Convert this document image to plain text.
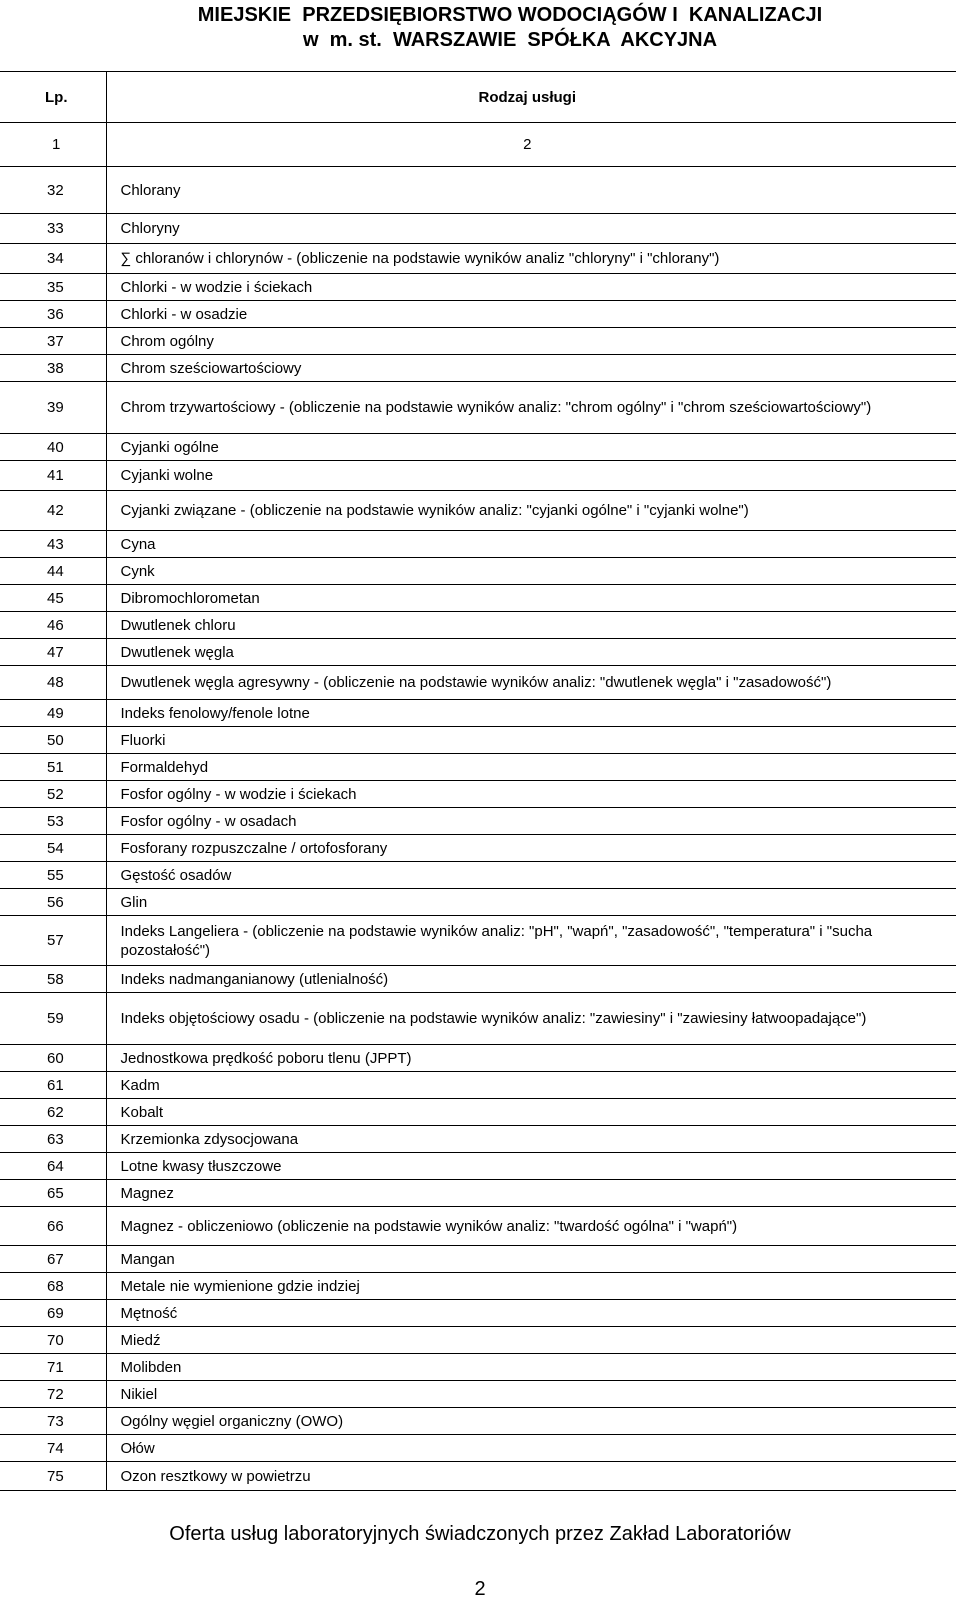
MIEJSKIE  PRZEDSIĘBIORSTWO WODOCIĄGÓW I  KANALIZACJI
w  m. st.  WARSZAWIE  SPÓŁKA  AKCYJNA
Lp.	Rodzaj usługi
1	2
32	Chlorany
33	Chloryny
34	∑ chloranów i chlorynów - (obliczenie na podstawie wyników analiz "chloryny" i "chlorany")
35	Chlorki - w wodzie i ściekach
36	Chlorki - w osadzie
37	Chrom ogólny
38	Chrom sześciowartościowy
39	Chrom trzywartościowy - (obliczenie na podstawie wyników analiz: "chrom ogólny" i "chrom sześciowartościowy")
40	Cyjanki ogólne
41	Cyjanki wolne
42	Cyjanki związane - (obliczenie na podstawie wyników analiz: "cyjanki ogólne" i "cyjanki wolne")
43	Cyna
44	Cynk
45	Dibromochlorometan
46	Dwutlenek chloru
47	Dwutlenek węgla
48	Dwutlenek węgla agresywny - (obliczenie na podstawie wyników analiz: "dwutlenek węgla" i "zasadowość")
49	Indeks fenolowy/fenole lotne
50	Fluorki
51	Formaldehyd
52	Fosfor ogólny - w wodzie i ściekach
53	Fosfor ogólny - w osadach
54	Fosforany rozpuszczalne / ortofosforany
55	Gęstość osadów
56	Glin
57	Indeks Langeliera - (obliczenie na podstawie wyników analiz: "pH", "wapń", "zasadowość", "temperatura" i "sucha pozostałość")
58	Indeks nadmanganianowy (utlenialność)
59	Indeks objętościowy osadu - (obliczenie na podstawie wyników analiz: "zawiesiny" i "zawiesiny łatwoopadające")
60	Jednostkowa prędkość poboru tlenu (JPPT)
61	Kadm
62	Kobalt
63	Krzemionka zdysocjowana
64	Lotne kwasy tłuszczowe
65	Magnez
66	Magnez - obliczeniowo (obliczenie na podstawie wyników analiz: "twardość ogólna" i "wapń")
67	Mangan
68	Metale nie wymienione gdzie indziej
69	Mętność
70	Miedź
71	Molibden
72	Nikiel
73	Ogólny węgiel organiczny (OWO)
74	Ołów
75	Ozon resztkowy w powietrzu
Oferta usług laboratoryjnych świadczonych przez Zakład Laboratoriów
2
